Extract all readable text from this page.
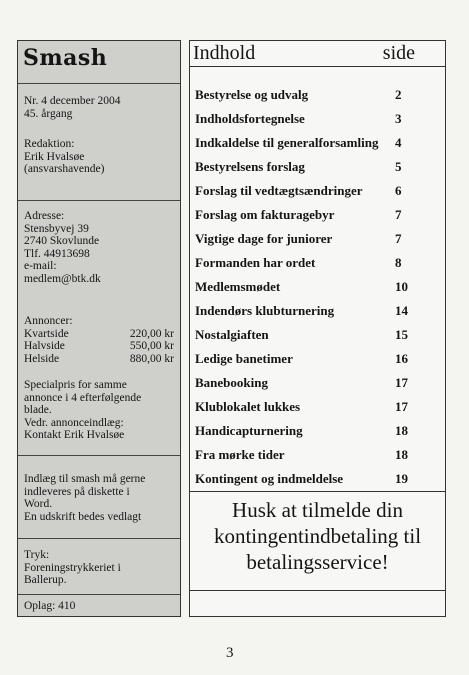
Smash
Nr. 4 december 2004
45. årgang
Redaktion:
Erik Hvalsøe
(ansvarshavende)
Adresse:
Stensbyvej 39
2740 Skovlunde
Tlf. 44913698
e-mail:
medlem@btk.dk
Annoncer:
Kvartside	220,00 kr
Halvside	550,00 kr
Helside	880,00 kr
Specialpris for samme
annonce i 4 efterfølgende
blade.
Vedr. annonceindlæg:
Kontakt Erik Hvalsøe
Indlæg til smash må gerne
indleveres på diskette i
Word.
En udskrift bedes vedlagt
Tryk:
Foreningstrykkeriet i
Ballerup.
Oplag: 410
Indhold	side
Bestyrelse og udvalg	2
Indholdsfortegnelse	3
Indkaldelse til generalforsamling 4
Bestyrelsens forslag	5
Forslag til vedtægtsændringer 6
Forslag om fakturagebyr	7
Vigtige dage for juniorer	7
Formanden har ordet	8
Medlemsmødet	10
Indendørs klubturnering	14
Nostalgiaften	15
Ledige banetimer	16
Banebooking	17
Klublokalet lukkes	17
Handicapturnering	18
Fra mørke tider	18
Kontingent og indmeldelse	19
Husk at tilmelde din
kontingentindbetaling til
betalingsservice!
3
